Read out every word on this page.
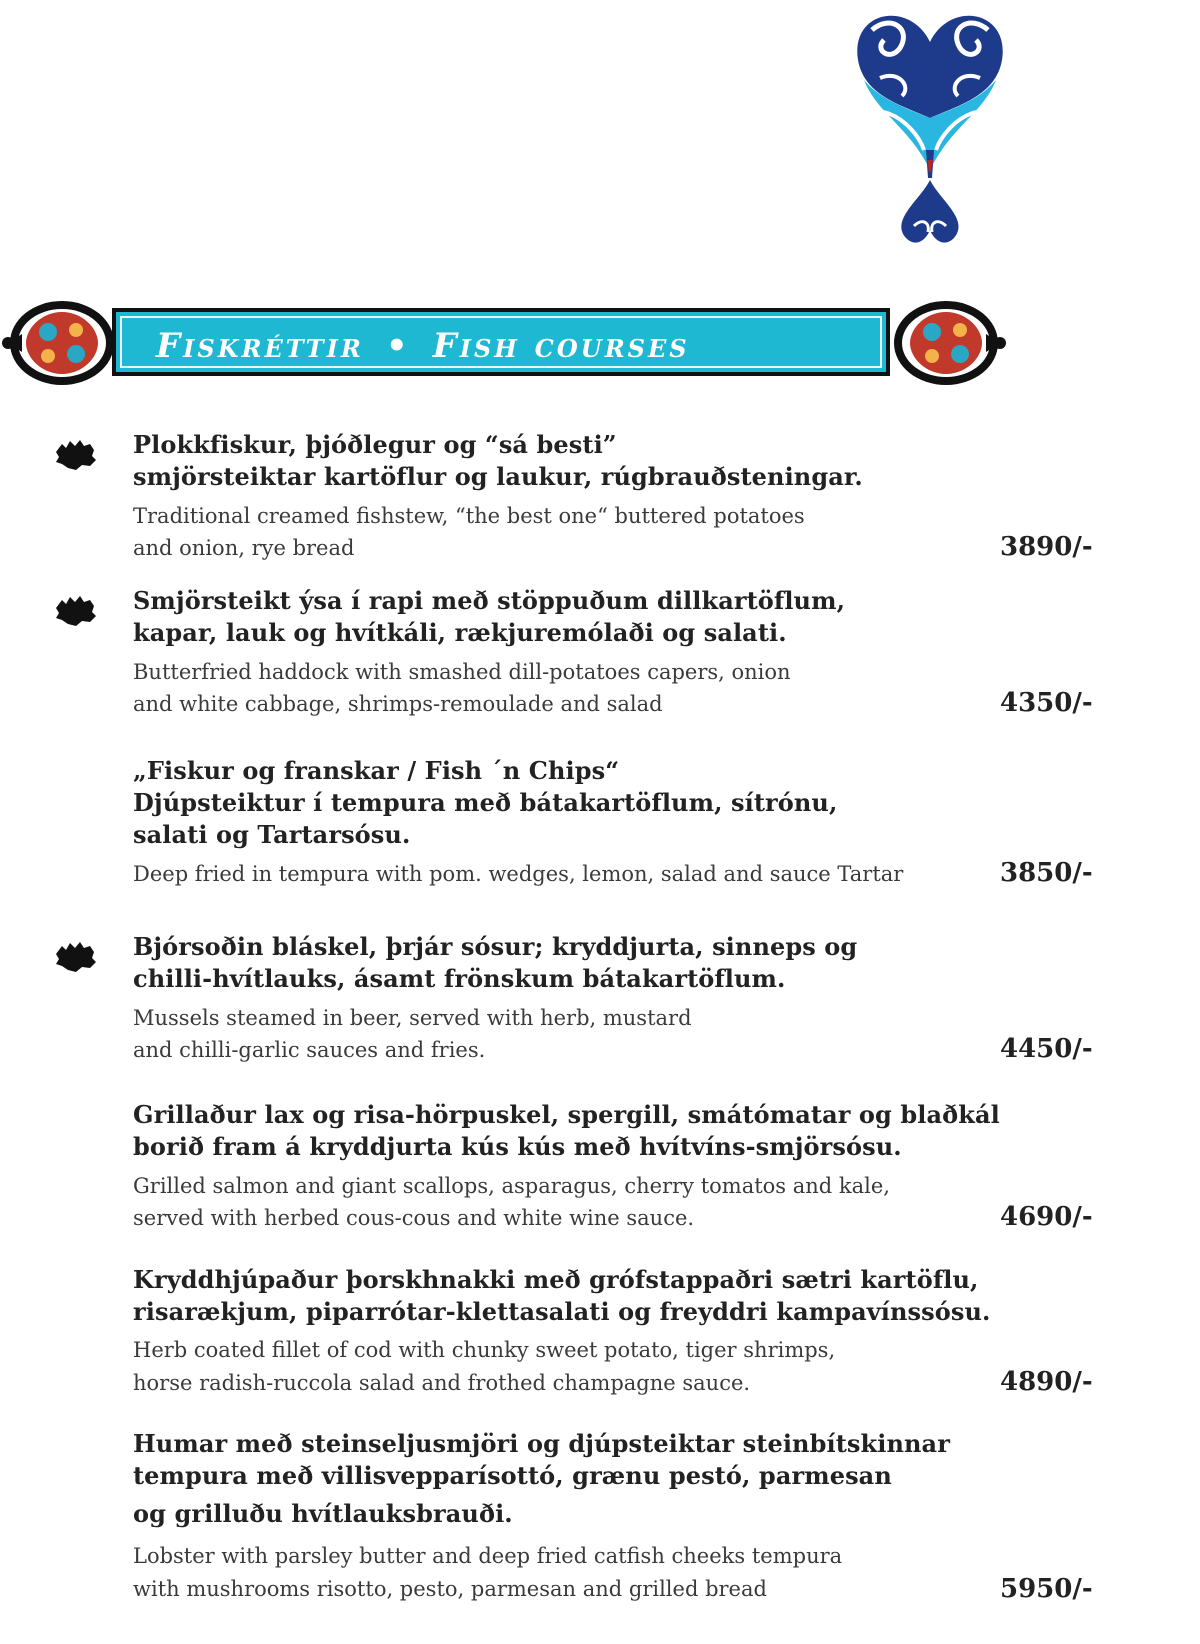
Fiskréttir • Fish courses
Plokkfiskur, þjóðlegur og “sá besti”
smjörsteiktar kartöflur og laukur, rúgbrauðsteningar.
Traditional creamed fishstew, “the best one“ buttered potatoes
and onion, rye bread	3890/-
Smjörsteikt ýsa í rapi með stöppuðum dillkartöflum,
kapar, lauk og hvítkáli, rækjuremólaði og salati.
Butterfried haddock with smashed dill-potatoes capers, onion
and white cabbage, shrimps-remoulade and salad	4350/-
„Fiskur og franskar / Fish ´n Chips“
Djúpsteiktur í tempura með bátakartöflum, sítrónu,
salati og Tartarsósu.
Deep fried in tempura with pom. wedges, lemon, salad and sauce Tartar	3850/-
Bjórsoðin bláskel, þrjár sósur; kryddjurta, sinneps og
chilli-hvítlauks, ásamt frönskum bátakartöflum.
Mussels steamed in beer, served with herb, mustard
and chilli-garlic sauces and fries.	4450/-
Grillaður lax og risa-hörpuskel, spergill, smátómatar og blaðkál
borið fram á kryddjurta kús kús með hvítvíns-smjörsósu.
Grilled salmon and giant scallops, asparagus, cherry tomatos and kale,
served with herbed cous-cous and white wine sauce.	4690/-
Kryddhjúpaður þorskhnakki með grófstappaðri sætri kartöflu,
risarækjum, piparrótar-klettasalati og freyddri kampavínssósu.
Herb coated fillet of cod with chunky sweet potato, tiger shrimps,
horse radish-ruccola salad and frothed champagne sauce.	4890/-
Humar með steinseljusmjöri og djúpsteiktar steinbítskinnar
tempura með villisvepparísottó, grænu pestó, parmesan
og grilluðu hvítlauksbrauði.
Lobster with parsley butter and deep fried catfish cheeks tempura
with mushrooms risotto, pesto, parmesan and grilled bread	5950/-
